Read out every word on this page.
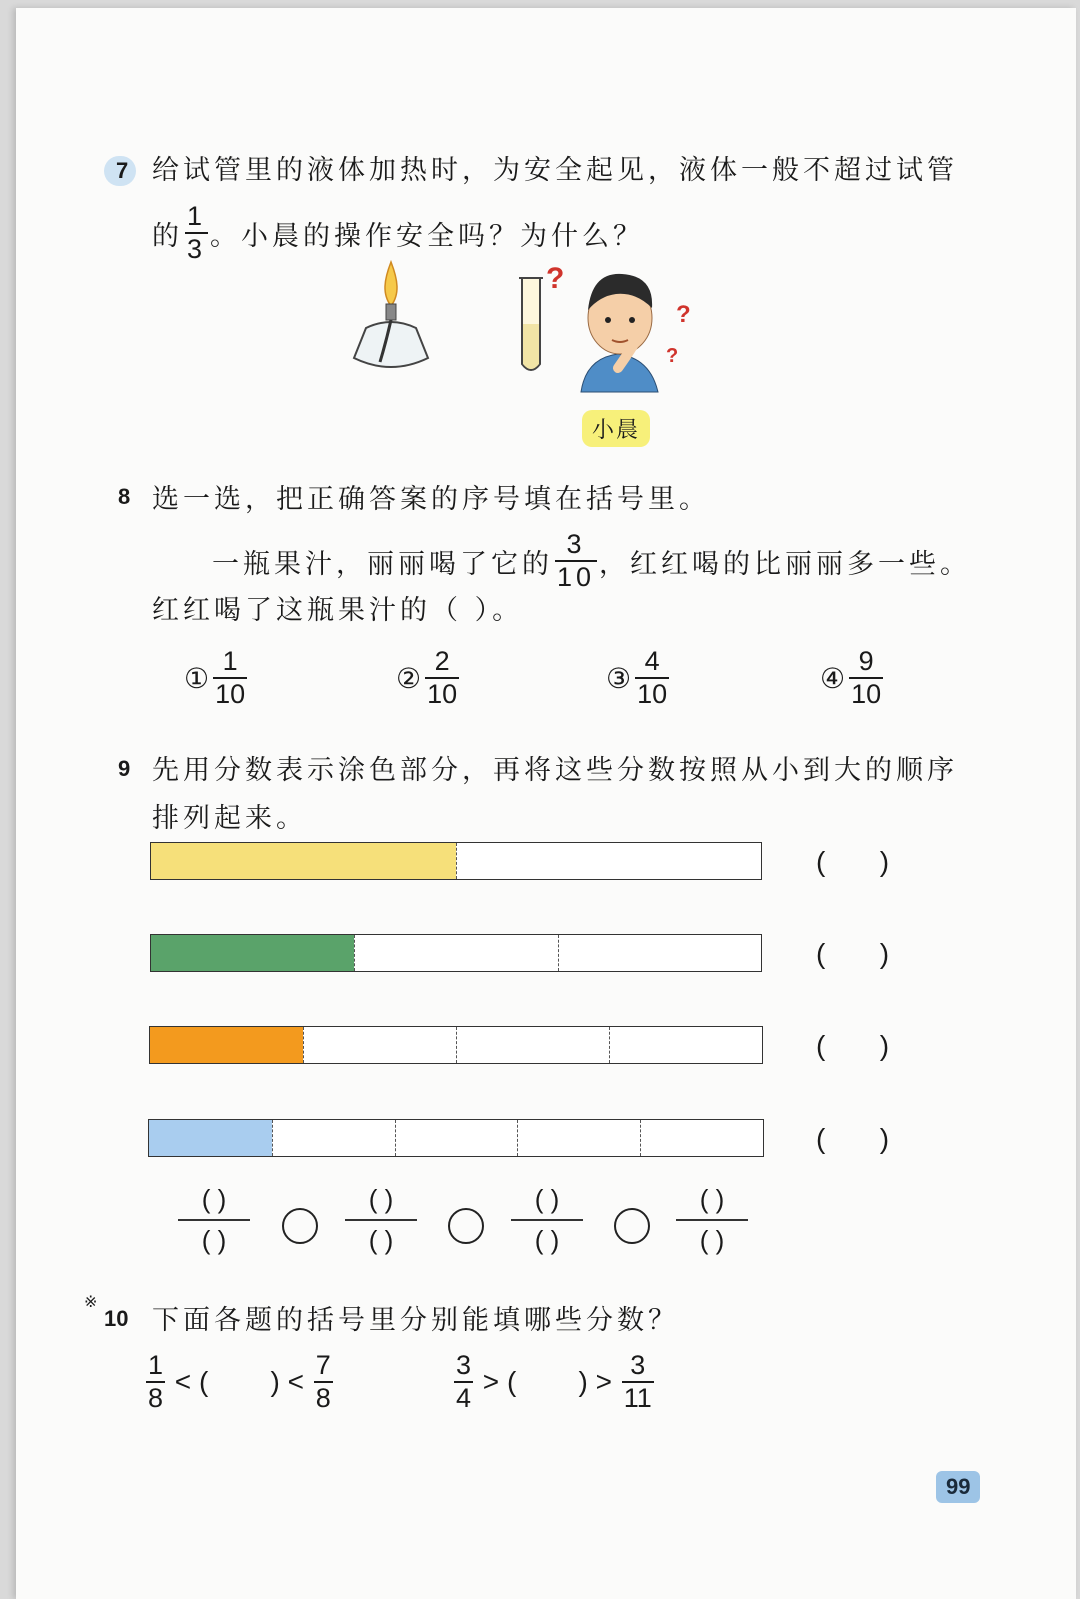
7 给试管里的液体加热时，为安全起见，液体一般不超过试管
的 $\frac{1}{3}$ 。小晨的操作安全吗？为什么？
?
?
?
小晨
8 选一选，把正确答案的序号填在括号里。
一瓶果汁，丽丽喝了它的 $\frac{3}{10}$ ，红红喝的比丽丽多一些。
红红喝了这瓶果汁的（ ）。
① $\frac{1}{10}$	② $\frac{2}{10}$	③ $\frac{4}{10}$	④ $\frac{9}{10}$
9 先用分数表示涂色部分，再将这些分数按照从小到大的顺序
排列起来。
(       )
(       )
(       )
(       )
( )
( )
( )
( )
( )
( )
( )
( )
※
10 下面各题的括号里分别能填哪些分数？
$\frac{1}{8}$ < (        ) < $\frac{7}{8}$	$\frac{3}{4}$ > (        ) > $\frac{3}{11}$
99
